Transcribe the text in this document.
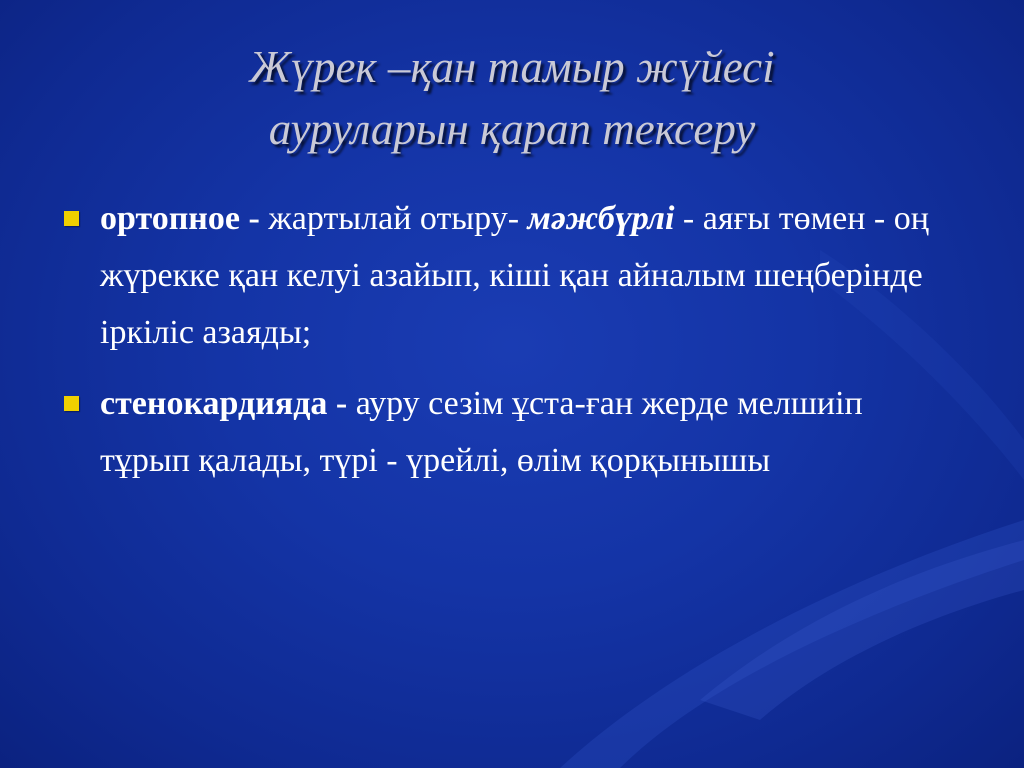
Жүрек –қан тамыр жүйесі
ауруларын қарап тексеру
ортопное - жартылай отыру- мәжбүрлі - аяғы төмен - оң жүрекке қан келуі азайып, кіші қан айналым шеңберінде іркіліс азаяды;
стенокардияда - ауру сезім ұста-ған жерде мелшиіп тұрып қалады, түрі - үрейлі, өлім қорқынышы
